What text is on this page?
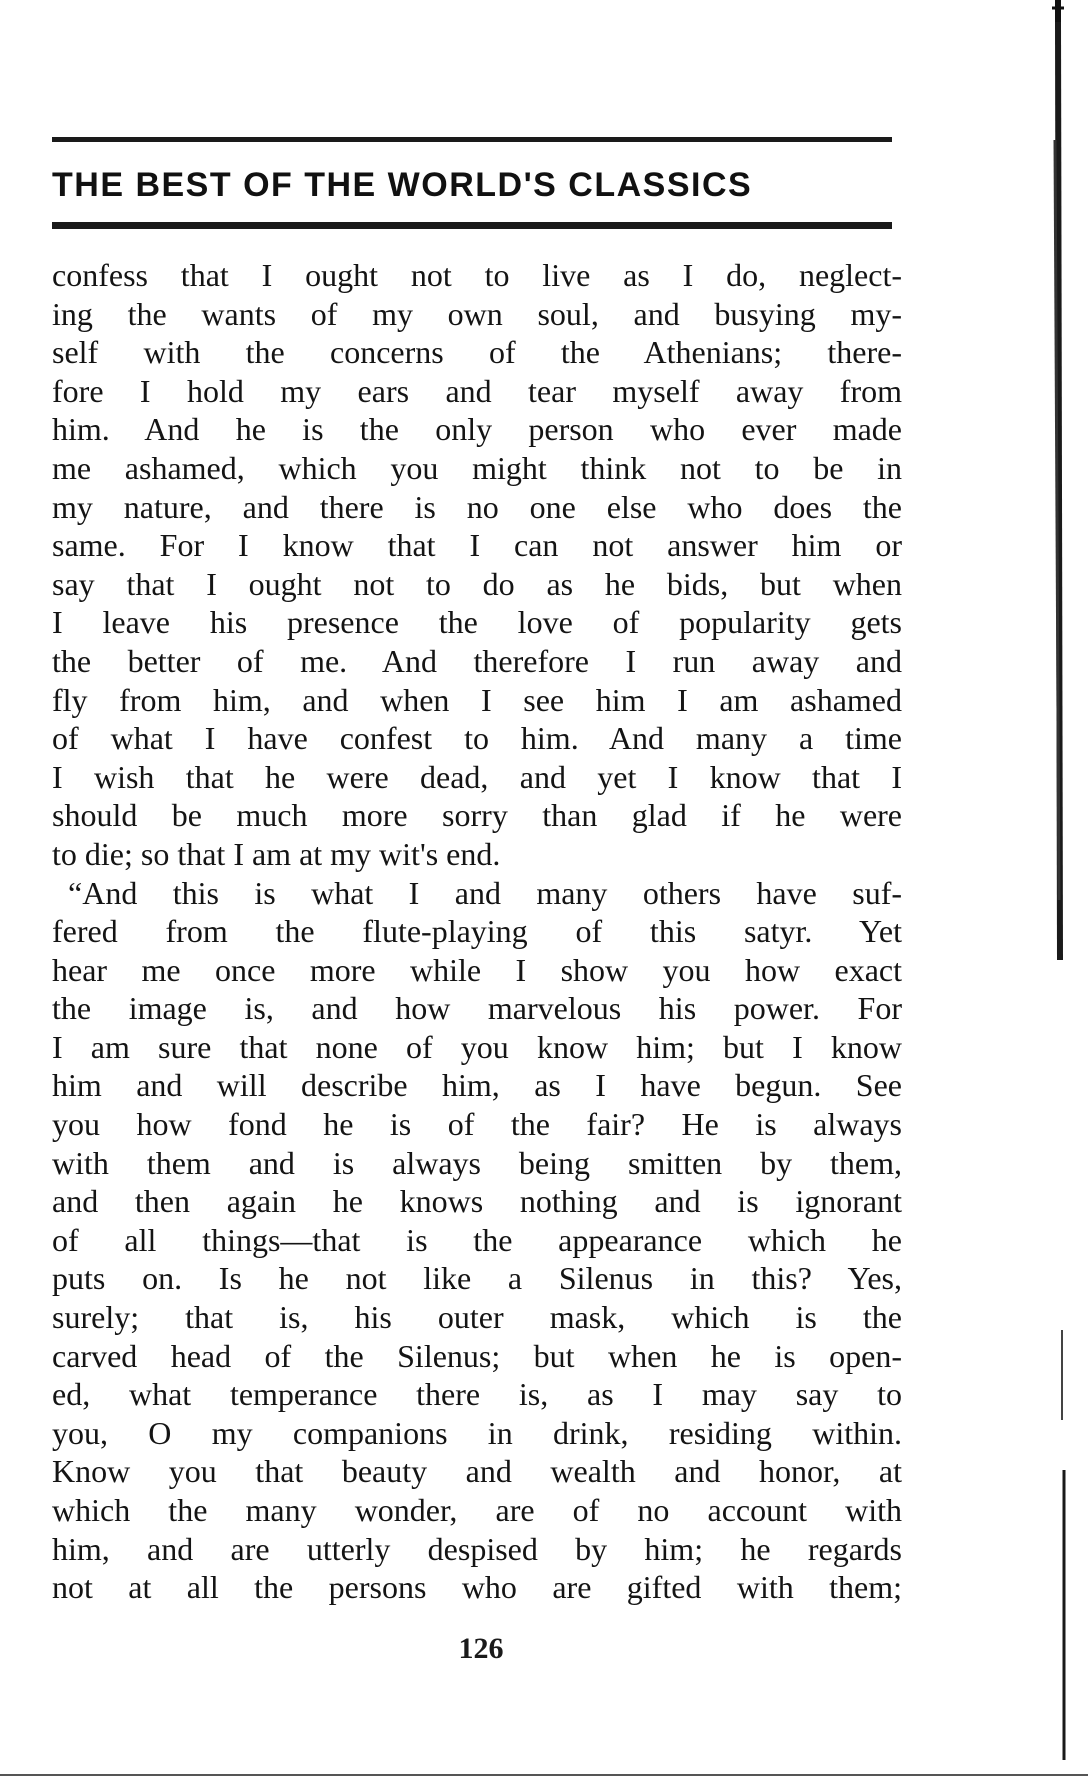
THE BEST OF THE WORLD'S CLASSICS
confess that I ought not to live as I do, neglect-
ing the wants of my own soul, and busying my-
self with the concerns of the Athenians; there-
fore I hold my ears and tear myself away from
him. And he is the only person who ever made
me ashamed, which you might think not to be in
my nature, and there is no one else who does the
same. For I know that I can not answer him or
say that I ought not to do as he bids, but when
I leave his presence the love of popularity gets
the better of me. And therefore I run away and
fly from him, and when I see him I am ashamed
of what I have confest to him. And many a time
I wish that he were dead, and yet I know that I
should be much more sorry than glad if he were
to die; so that I am at my wit's end.
“And this is what I and many others have suf-
fered from the flute-playing of this satyr. Yet
hear me once more while I show you how exact
the image is, and how marvelous his power. For
I am sure that none of you know him; but I know
him and will describe him, as I have begun. See
you how fond he is of the fair? He is always
with them and is always being smitten by them,
and then again he knows nothing and is ignorant
of all things—that is the appearance which he
puts on. Is he not like a Silenus in this? Yes,
surely; that is, his outer mask, which is the
carved head of the Silenus; but when he is open-
ed, what temperance there is, as I may say to
you, O my companions in drink, residing within.
Know you that beauty and wealth and honor, at
which the many wonder, are of no account with
him, and are utterly despised by him; he regards
not at all the persons who are gifted with them;
126
